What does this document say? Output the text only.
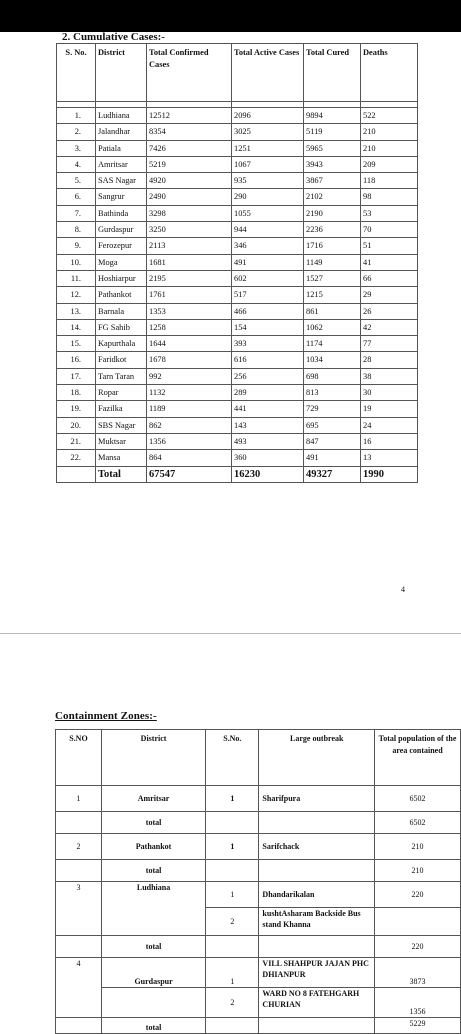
2. Cumulative Cases:-
S. No.	District	Total Confirmed Cases	Total Active Cases	Total Cured	Deaths

1.	Ludhiana	12512	2096	9894	522
2.	Jalandhar	8354	3025	5119	210
3.	Patiala	7426	1251	5965	210
4.	Amritsar	5219	1067	3943	209
5.	SAS Nagar	4920	935	3867	118
6.	Sangrur	2490	290	2102	98
7.	Bathinda	3298	1055	2190	53
8.	Gurdaspur	3250	944	2236	70
9.	Ferozepur	2113	346	1716	51
10.	Moga	1681	491	1149	41
11.	Hoshiarpur	2195	602	1527	66
12.	Pathankot	1761	517	1215	29
13.	Barnala	1353	466	861	26
14.	FG Sahib	1258	154	1062	42
15.	Kapurthala	1644	393	1174	77
16.	Faridkot	1678	616	1034	28
17.	Tarn Taran	992	256	698	38
18.	Ropar	1132	289	813	30
19.	Fazilka	1189	441	729	19
20.	SBS Nagar	862	143	695	24
21.	Muktsar	1356	493	847	16
22.	Mansa	864	360	491	13
	Total	67547	16230	49327	1990
4
Containment Zones:-
S.NO	District	S.No.	Large outbreak	Total population of the area contained
1	Amritsar	1	Sharifpura	6502
	total			6502
2	Pathankot	1	Sarifchack	210
	total			210
3	Ludhiana	1	Dhandarikalan	220
		2	kushtAsharam Backside Bus stand Khanna	
	total			220
4	Gurdaspur	1	VILL SHAHPUR JAJAN PHC DHIANPUR	3873
		2	WARD NO 8 FATEHGARH CHURIAN	1356
	total			5229
